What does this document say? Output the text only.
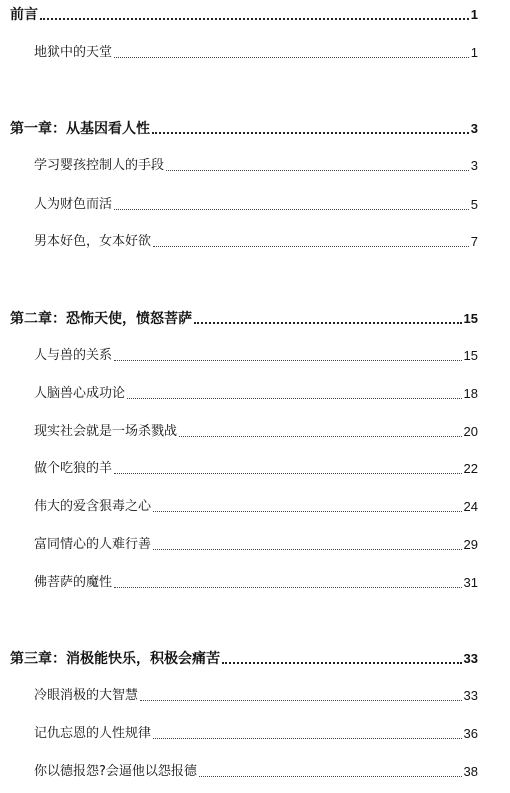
前言	1
地狱中的天堂	1
第一章：从基因看人性	3
学习婴孩控制人的手段	3
人为财色而活	5
男本好色，女本好欲	7
第二章：恐怖天使，愤怒菩萨	15
人与兽的关系	15
人脑兽心成功论	18
现实社会就是一场杀戮战	20
做个吃狼的羊	22
伟大的爱含狠毒之心	24
富同情心的人难行善	29
佛菩萨的魔性	31
第三章：消极能快乐，积极会痛苦	33
冷眼消极的大智慧	33
记仇忘恩的人性规律	36
你以德报怨?会逼他以怨报德	38
